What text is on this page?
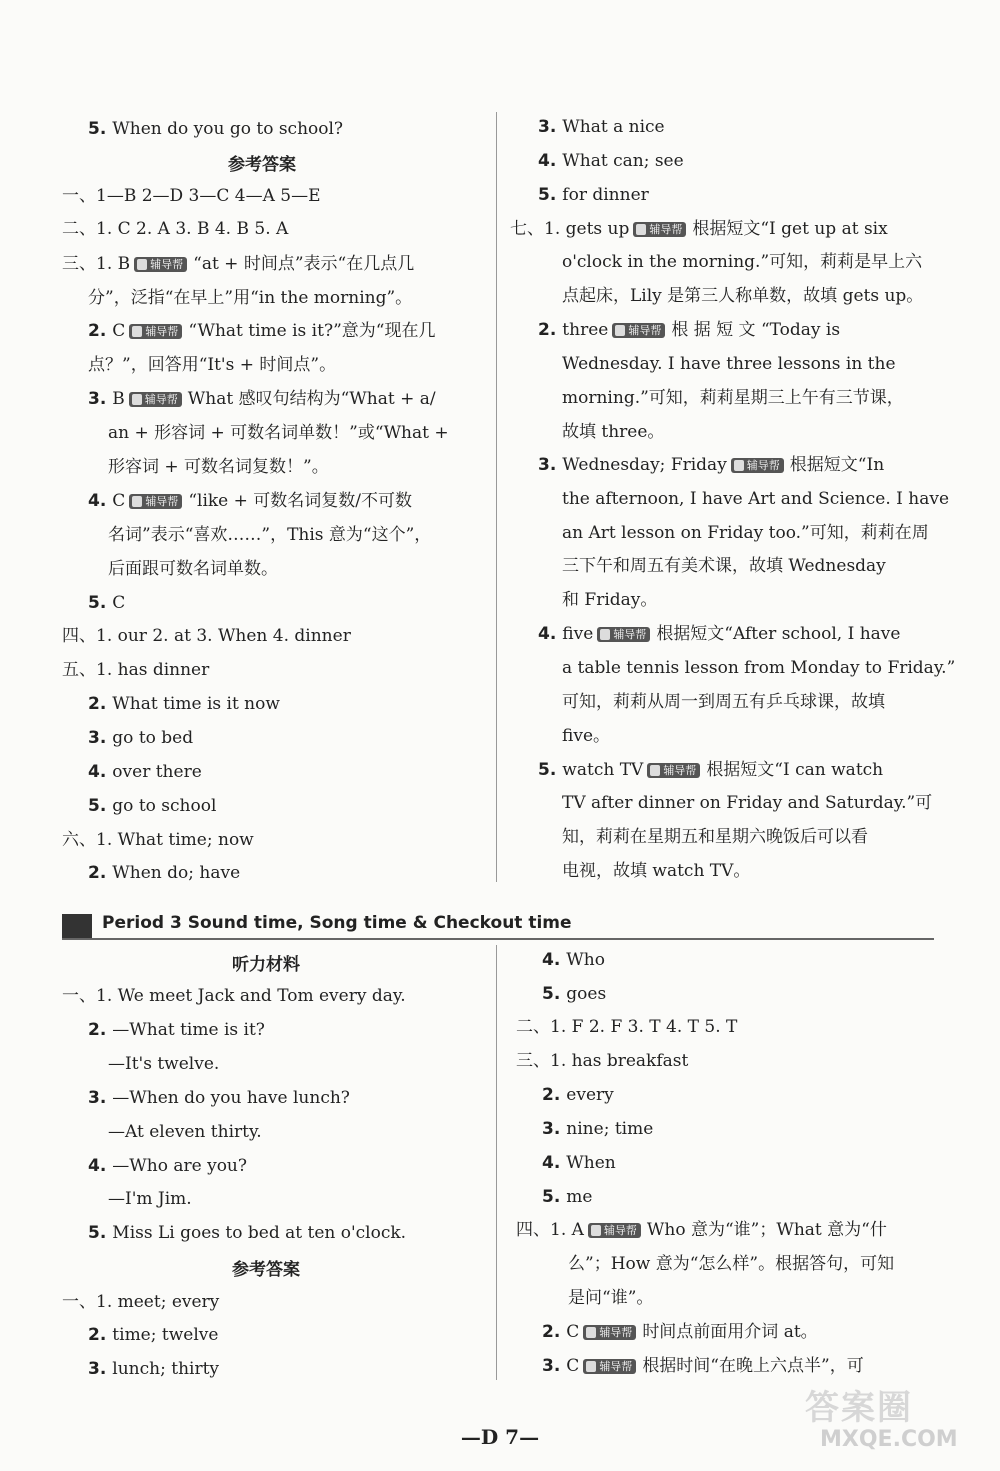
5. When do you go to school?
参考答案
一、1—B 2—D 3—C 4—A 5—E
二、1. C 2. A 3. B 4. B 5. A
三、1. B 辅导帮 “at + 时间点”表示“在几点几
分”，泛指“在早上”用“in the morning”。
2. C 辅导帮 “What time is it?”意为“现在几
点？”，回答用“It's + 时间点”。
3. B 辅导帮 What 感叹句结构为“What + a/
an + 形容词 + 可数名词单数！”或“What +
形容词 + 可数名词复数！”。
4. C 辅导帮 “like + 可数名词复数/不可数
名词”表示“喜欢……”，This 意为“这个”，
后面跟可数名词单数。
5. C
四、1. our 2. at 3. When 4. dinner
五、1. has dinner
2. What time is it now
3. go to bed
4. over there
5. go to school
六、1. What time; now
2. When do; have
3. What a nice
4. What can; see
5. for dinner
七、1. gets up 辅导帮 根据短文“I get up at six
o'clock in the morning.”可知，莉莉是早上六
点起床，Lily 是第三人称单数，故填 gets up。
2. three 辅导帮 根 据 短 文 “Today is
Wednesday. I have three lessons in the
morning.”可知，莉莉星期三上午有三节课，
故填 three。
3. Wednesday; Friday 辅导帮 根据短文“In
the afternoon, I have Art and Science. I have
an Art lesson on Friday too.”可知，莉莉在周
三下午和周五有美术课，故填 Wednesday
和 Friday。
4. five 辅导帮 根据短文“After school, I have
a table tennis lesson from Monday to Friday.”
可知，莉莉从周一到周五有乒乓球课，故填
five。
5. watch TV 辅导帮 根据短文“I can watch
TV after dinner on Friday and Saturday.”可
知，莉莉在星期五和星期六晚饭后可以看
电视，故填 watch TV。
Period 3 Sound time, Song time & Checkout time
听力材料
一、1. We meet Jack and Tom every day.
2. —What time is it?
—It's twelve.
3. —When do you have lunch?
—At eleven thirty.
4. —Who are you?
—I'm Jim.
5. Miss Li goes to bed at ten o'clock.
参考答案
一、1. meet; every
2. time; twelve
3. lunch; thirty
4. Who
5. goes
二、1. F 2. F 3. T 4. T 5. T
三、1. has breakfast
2. every
3. nine; time
4. When
5. me
四、1. A 辅导帮 Who 意为“谁”；What 意为“什
么”；How 意为“怎么样”。根据答句，可知
是问“谁”。
2. C 辅导帮 时间点前面用介词 at。
3. C 辅导帮 根据时间“在晚上六点半”，可
答案圈
MXQE.COM
—D 7—
